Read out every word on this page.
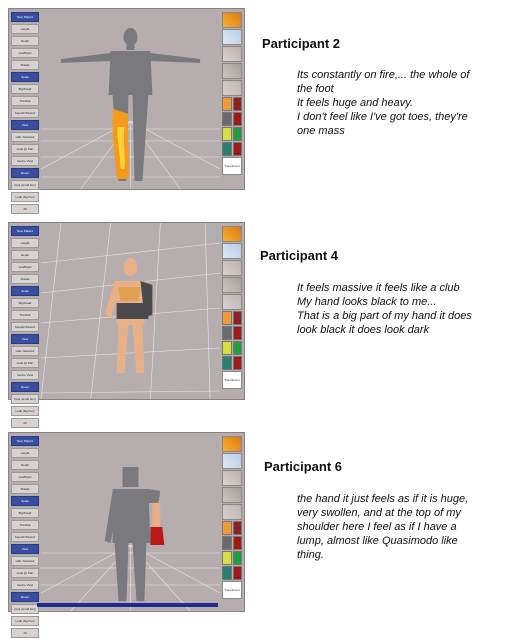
New Patient
Height
Depth
Left/Right
Rotate
Scale
Big/Small
Thin/Fat
Squash/Stretch
View
Hide Selected
Look @ Part
Centre View
Reset
Feel (small box)
Look (big box)
All
Translucent
Participant 2
Its constantly on fire,... the whole of
the foot
It feels huge and heavy.
I don't feel like I've got toes, they're
one mass
New Patient
Height
Depth
Left/Right
Rotate
Scale
Big/Small
Thin/Fat
Squash/Stretch
View
Hide Selected
Look @ Part
Centre View
Reset
Feel (small box)
Look (big box)
All
Translucent
Participant 4
It feels massive it feels like a club
My hand looks black to me...
That is a big part of my hand it does
look black it does look dark
New Patient
Height
Depth
Left/Right
Rotate
Scale
Big/Small
Thin/Fat
Squash/Stretch
View
Hide Selected
Look @ Part
Centre View
Reset
Feel (small box)
Look (big box)
All
Translucent
Participant 6
the hand it just feels as if it is huge,
very swollen, and at the top of my
shoulder here I feel as if I have a
lump, almost like Quasimodo like
thing.
